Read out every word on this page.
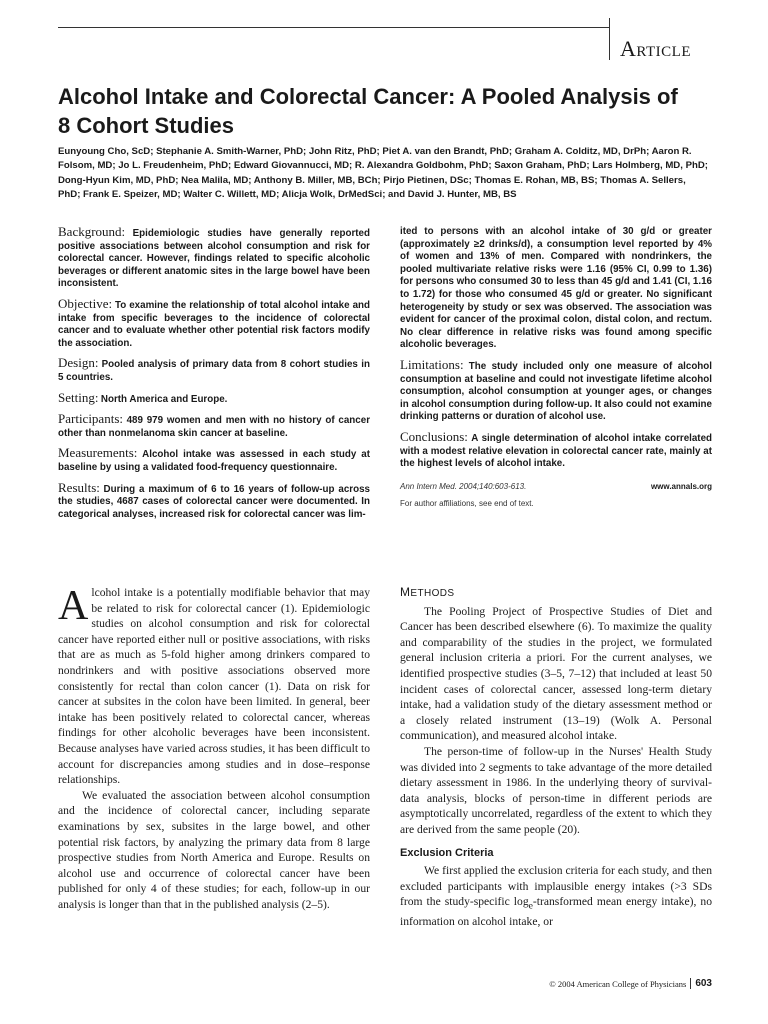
Article
Alcohol Intake and Colorectal Cancer: A Pooled Analysis of 8 Cohort Studies
Eunyoung Cho, ScD; Stephanie A. Smith-Warner, PhD; John Ritz, PhD; Piet A. van den Brandt, PhD; Graham A. Colditz, MD, DrPh; Aaron R. Folsom, MD; Jo L. Freudenheim, PhD; Edward Giovannucci, MD; R. Alexandra Goldbohm, PhD; Saxon Graham, PhD; Lars Holmberg, MD, PhD; Dong-Hyun Kim, MD, PhD; Nea Malila, MD; Anthony B. Miller, MB, BCh; Pirjo Pietinen, DSc; Thomas E. Rohan, MB, BS; Thomas A. Sellers, PhD; Frank E. Speizer, MD; Walter C. Willett, MD; Alicja Wolk, DrMedSci; and David J. Hunter, MB, BS

Background: Epidemiologic studies have generally reported positive associations between alcohol consumption and risk for colorectal cancer. However, findings related to specific alcoholic beverages or different anatomic sites in the large bowel have been inconsistent.

Objective: To examine the relationship of total alcohol intake and intake from specific beverages to the incidence of colorectal cancer and to evaluate whether other potential risk factors modify the association.

Design: Pooled analysis of primary data from 8 cohort studies in 5 countries.

Setting: North America and Europe.

Participants: 489 979 women and men with no history of cancer other than nonmelanoma skin cancer at baseline.

Measurements: Alcohol intake was assessed in each study at baseline by using a validated food-frequency questionnaire.

Results: During a maximum of 6 to 16 years of follow-up across the studies, 4687 cases of colorectal cancer were documented. In categorical analyses, increased risk for colorectal cancer was lim-

ited to persons with an alcohol intake of 30 g/d or greater (approximately ≥2 drinks/d), a consumption level reported by 4% of women and 13% of men. Compared with nondrinkers, the pooled multivariate relative risks were 1.16 (95% CI, 0.99 to 1.36) for persons who consumed 30 to less than 45 g/d and 1.41 (CI, 1.16 to 1.72) for those who consumed 45 g/d or greater. No significant heterogeneity by study or sex was observed. The association was evident for cancer of the proximal colon, distal colon, and rectum. No clear difference in relative risks was found among specific alcoholic beverages.

Limitations: The study included only one measure of alcohol consumption at baseline and could not investigate lifetime alcohol consumption, alcohol consumption at younger ages, or changes in alcohol consumption during follow-up. It also could not examine drinking patterns or duration of alcohol use.

Conclusions: A single determination of alcohol intake correlated with a modest relative elevation in colorectal cancer rate, mainly at the highest levels of alcohol intake.

Ann Intern Med. 2004;140:603-613.	www.annals.org
For author affiliations, see end of text.

Alcohol intake is a potentially modifiable behavior that may be related to risk for colorectal cancer (1). Epidemiologic studies on alcohol consumption and risk for colorectal cancer have reported either null or positive associations, with risks that are as much as 5-fold higher among drinkers compared to nondrinkers and with positive associations observed more consistently for rectal than colon cancer (1). Data on risk for cancer at subsites in the colon have been limited. In general, beer intake has been positively related to colorectal cancer, whereas findings for other alcoholic beverages have been inconsistent. Because analyses have varied across studies, it has been difficult to account for discrepancies among studies and in dose–response relationships.

We evaluated the association between alcohol consumption and the incidence of colorectal cancer, including separate examinations by sex, subsites in the large bowel, and other potential risk factors, by analyzing the primary data from 8 large prospective studies from North America and Europe. Results on alcohol use and occurrence of colorectal cancer have been published for only 4 of these studies; for each, follow-up in our analysis is longer than that in the published analysis (2–5).

METHODS

The Pooling Project of Prospective Studies of Diet and Cancer has been described elsewhere (6). To maximize the quality and comparability of the studies in the project, we formulated general inclusion criteria a priori. For the current analyses, we identified prospective studies (3–5, 7–12) that included at least 50 incident cases of colorectal cancer, assessed long-term dietary intake, had a validation study of the dietary assessment method or a closely related instrument (13–19) (Wolk A. Personal communication), and measured alcohol intake.

The person-time of follow-up in the Nurses' Health Study was divided into 2 segments to take advantage of the more detailed dietary assessment in 1986. In the underlying theory of survival-data analysis, blocks of person-time in different periods are asymptotically uncorrelated, regardless of the extent to which they are derived from the same people (20).

Exclusion Criteria

We first applied the exclusion criteria for each study, and then excluded participants with implausible energy intakes (>3 SDs from the study-specific $\log_e$-transformed mean energy intake), no information on alcohol intake, or

© 2004 American College of Physicians 603
